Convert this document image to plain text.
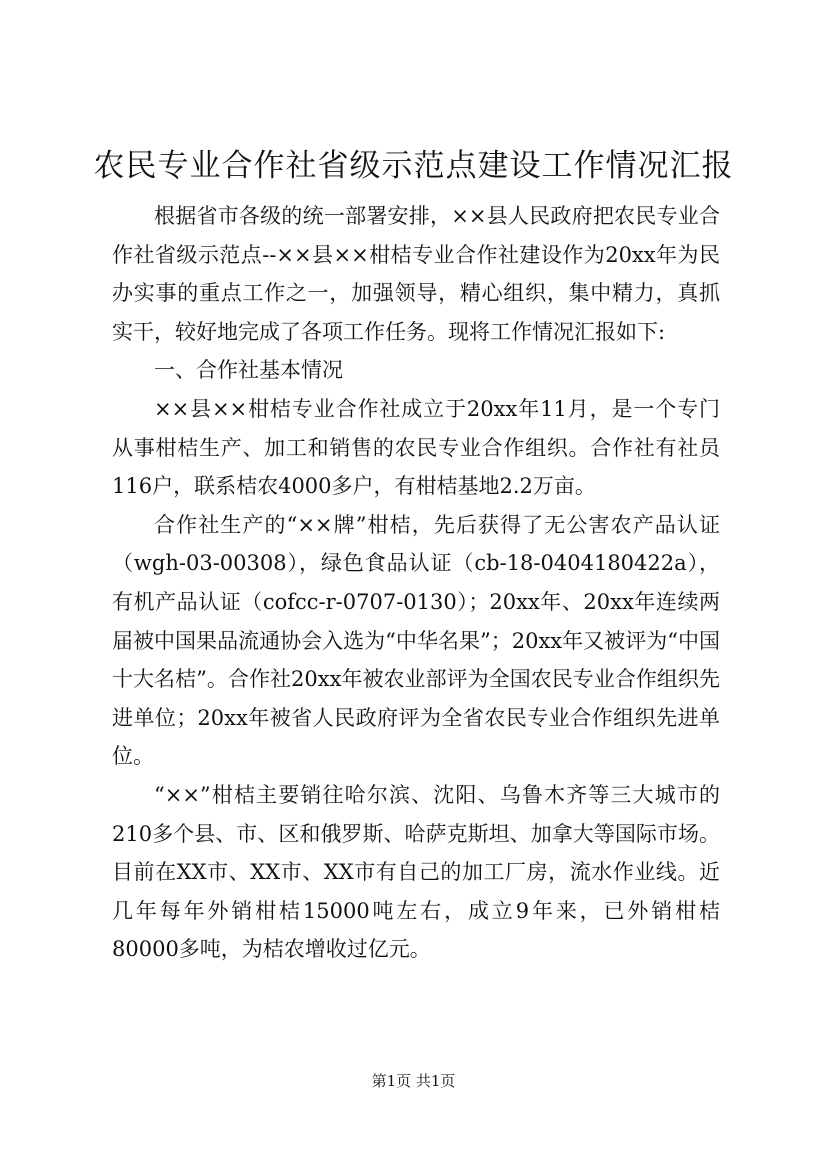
农民专业合作社省级示范点建设工作情况汇报

根据省市各级的统一部署安排，××县人民政府把农民专业合作社省级示范点--××县××柑桔专业合作社建设作为20xx年为民办实事的重点工作之一，加强领导，精心组织，集中精力，真抓实干，较好地完成了各项工作任务。现将工作情况汇报如下:

一、合作社基本情况

××县××柑桔专业合作社成立于20xx年11月，是一个专门从事柑桔生产、加工和销售的农民专业合作组织。合作社有社员116户，联系桔农4000多户，有柑桔基地2.2万亩。

合作社生产的“××牌”柑桔，先后获得了无公害农产品认证（wgh-03-00308），绿色食品认证（cb-18-0404180422a），有机产品认证（cofcc-r-0707-0130）；20xx年、20xx年连续两届被中国果品流通协会入选为“中华名果”；20xx年又被评为“中国十大名桔”。合作社20xx年被农业部评为全国农民专业合作组织先进单位；20xx年被省人民政府评为全省农民专业合作组织先进单位。

“××”柑桔主要销往哈尔滨、沈阳、乌鲁木齐等三大城市的210多个县、市、区和俄罗斯、哈萨克斯坦、加拿大等国际市场。目前在XX市、XX市、XX市有自己的加工厂房，流水作业线。近几年每年外销柑桔15000吨左右，成立9年来，已外销柑桔80000多吨，为桔农增收过亿元。

第1页 共1页
